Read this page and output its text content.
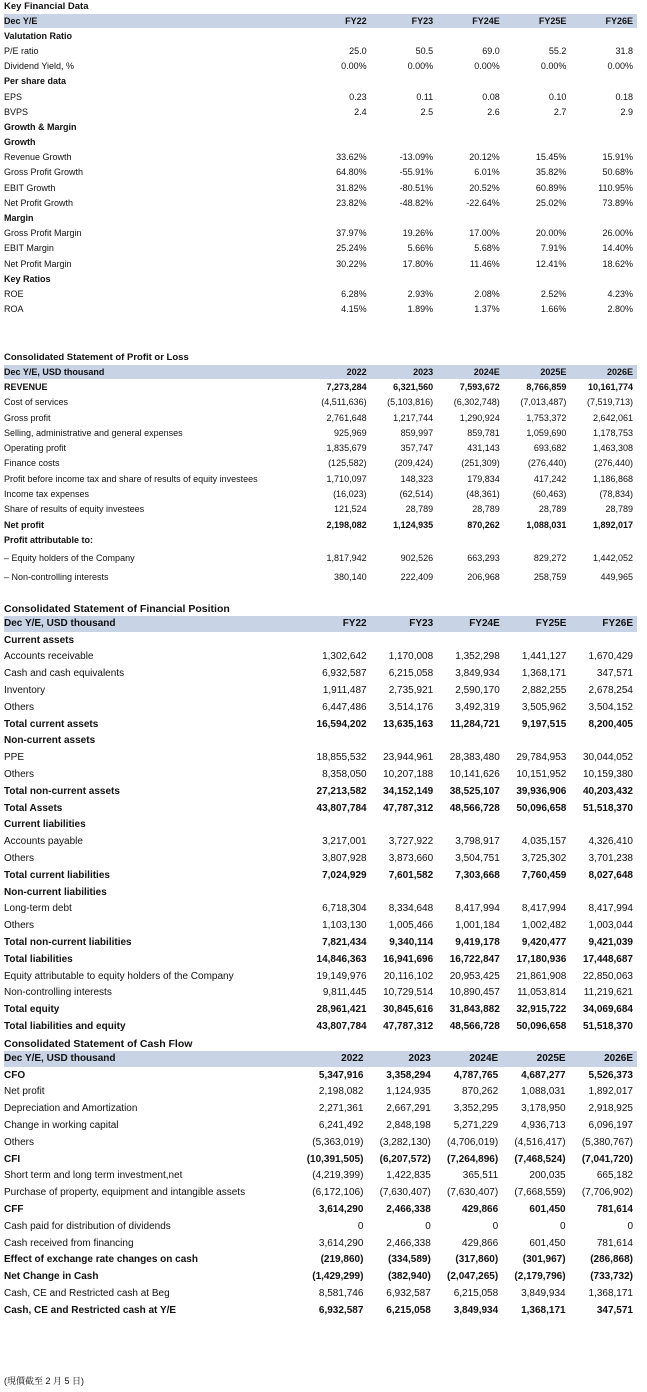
Key Financial Data
Dec Y/E	FY22	FY23	FY24E	FY25E	FY26E
Valutation Ratio					
P/E ratio	25.0	50.5	69.0	55.2	31.8
Dividend Yield, %	0.00%	0.00%	0.00%	0.00%	0.00%
Per share data					
EPS	0.23	0.11	0.08	0.10	0.18
BVPS	2.4	2.5	2.6	2.7	2.9
Growth & Margin					
Growth					
Revenue Growth	33.62%	-13.09%	20.12%	15.45%	15.91%
Gross Profit Growth	64.80%	-55.91%	6.01%	35.82%	50.68%
EBIT Growth	31.82%	-80.51%	20.52%	60.89%	110.95%
Net Profit Growth	23.82%	-48.82%	-22.64%	25.02%	73.89%
Margin					
Gross Profit Margin	37.97%	19.26%	17.00%	20.00%	26.00%
EBIT Margin	25.24%	5.66%	5.68%	7.91%	14.40%
Net Profit Margin	30.22%	17.80%	11.46%	12.41%	18.62%
Key Ratios					
ROE	6.28%	2.93%	2.08%	2.52%	4.23%
ROA	4.15%	1.89%	1.37%	1.66%	2.80%
Consolidated Statement of Profit or Loss
Dec Y/E, USD thousand	2022	2023	2024E	2025E	2026E
REVENUE	7,273,284	6,321,560	7,593,672	8,766,859	10,161,774
Cost of services	(4,511,636)	(5,103,816)	(6,302,748)	(7,013,487)	(7,519,713)
Gross profit	2,761,648	1,217,744	1,290,924	1,753,372	2,642,061
Selling, administrative and general expenses	925,969	859,997	859,781	1,059,690	1,178,753
Operating profit	1,835,679	357,747	431,143	693,682	1,463,308
Finance costs	(125,582)	(209,424)	(251,309)	(276,440)	(276,440)
Profit before income tax and share of results of equity investees	1,710,097	148,323	179,834	417,242	1,186,868
Income tax expenses	(16,023)	(62,514)	(48,361)	(60,463)	(78,834)
Share of results of equity investees	121,524	28,789	28,789	28,789	28,789
Net profit	2,198,082	1,124,935	870,262	1,088,031	1,892,017
Profit attributable to:					
– Equity holders of the Company	1,817,942	902,526	663,293	829,272	1,442,052
– Non-controlling interests	380,140	222,409	206,968	258,759	449,965
Consolidated Statement of Financial Position
Dec Y/E, USD thousand	FY22	FY23	FY24E	FY25E	FY26E
Current assets					
Accounts receivable	1,302,642	1,170,008	1,352,298	1,441,127	1,670,429
Cash and cash equivalents	6,932,587	6,215,058	3,849,934	1,368,171	347,571
Inventory	1,911,487	2,735,921	2,590,170	2,882,255	2,678,254
Others	6,447,486	3,514,176	3,492,319	3,505,962	3,504,152
Total current assets	16,594,202	13,635,163	11,284,721	9,197,515	8,200,405
Non-current assets					
PPE	18,855,532	23,944,961	28,383,480	29,784,953	30,044,052
Others	8,358,050	10,207,188	10,141,626	10,151,952	10,159,380
Total non-current assets	27,213,582	34,152,149	38,525,107	39,936,906	40,203,432
Total Assets	43,807,784	47,787,312	48,566,728	50,096,658	51,518,370
Current liabilities					
Accounts payable	3,217,001	3,727,922	3,798,917	4,035,157	4,326,410
Others	3,807,928	3,873,660	3,504,751	3,725,302	3,701,238
Total current liabilities	7,024,929	7,601,582	7,303,668	7,760,459	8,027,648
Non-current liabilities					
Long-term debt	6,718,304	8,334,648	8,417,994	8,417,994	8,417,994
Others	1,103,130	1,005,466	1,001,184	1,002,482	1,003,044
Total non-current liabilities	7,821,434	9,340,114	9,419,178	9,420,477	9,421,039
Total liabilities	14,846,363	16,941,696	16,722,847	17,180,936	17,448,687
Equity attributable to equity holders of the Company	19,149,976	20,116,102	20,953,425	21,861,908	22,850,063
Non-controlling interests	9,811,445	10,729,514	10,890,457	11,053,814	11,219,621
Total equity	28,961,421	30,845,616	31,843,882	32,915,722	34,069,684
Total liabilities and equity	43,807,784	47,787,312	48,566,728	50,096,658	51,518,370
Consolidated Statement of Cash Flow
Dec Y/E, USD thousand	2022	2023	2024E	2025E	2026E
CFO	5,347,916	3,358,294	4,787,765	4,687,277	5,526,373
Net profit	2,198,082	1,124,935	870,262	1,088,031	1,892,017
Depreciation and Amortization	2,271,361	2,667,291	3,352,295	3,178,950	2,918,925
Change in working capital	6,241,492	2,848,198	5,271,229	4,936,713	6,096,197
Others	(5,363,019)	(3,282,130)	(4,706,019)	(4,516,417)	(5,380,767)
CFI	(10,391,505)	(6,207,572)	(7,264,896)	(7,468,524)	(7,041,720)
Short term and long term investment,net	(4,219,399)	1,422,835	365,511	200,035	665,182
Purchase of property, equipment and intangible assets	(6,172,106)	(7,630,407)	(7,630,407)	(7,668,559)	(7,706,902)
CFF	3,614,290	2,466,338	429,866	601,450	781,614
Cash paid for distribution of dividends	0	0	0	0	0
Cash received from financing	3,614,290	2,466,338	429,866	601,450	781,614
Effect of exchange rate changes on cash	(219,860)	(334,589)	(317,860)	(301,967)	(286,868)
Net Change in Cash	(1,429,299)	(382,940)	(2,047,265)	(2,179,796)	(733,732)
Cash, CE and Restricted cash at Beg	8,581,746	6,932,587	6,215,058	3,849,934	1,368,171
Cash, CE and Restricted cash at Y/E	6,932,587	6,215,058	3,849,934	1,368,171	347,571
(現價截至 2 月 5 日)
